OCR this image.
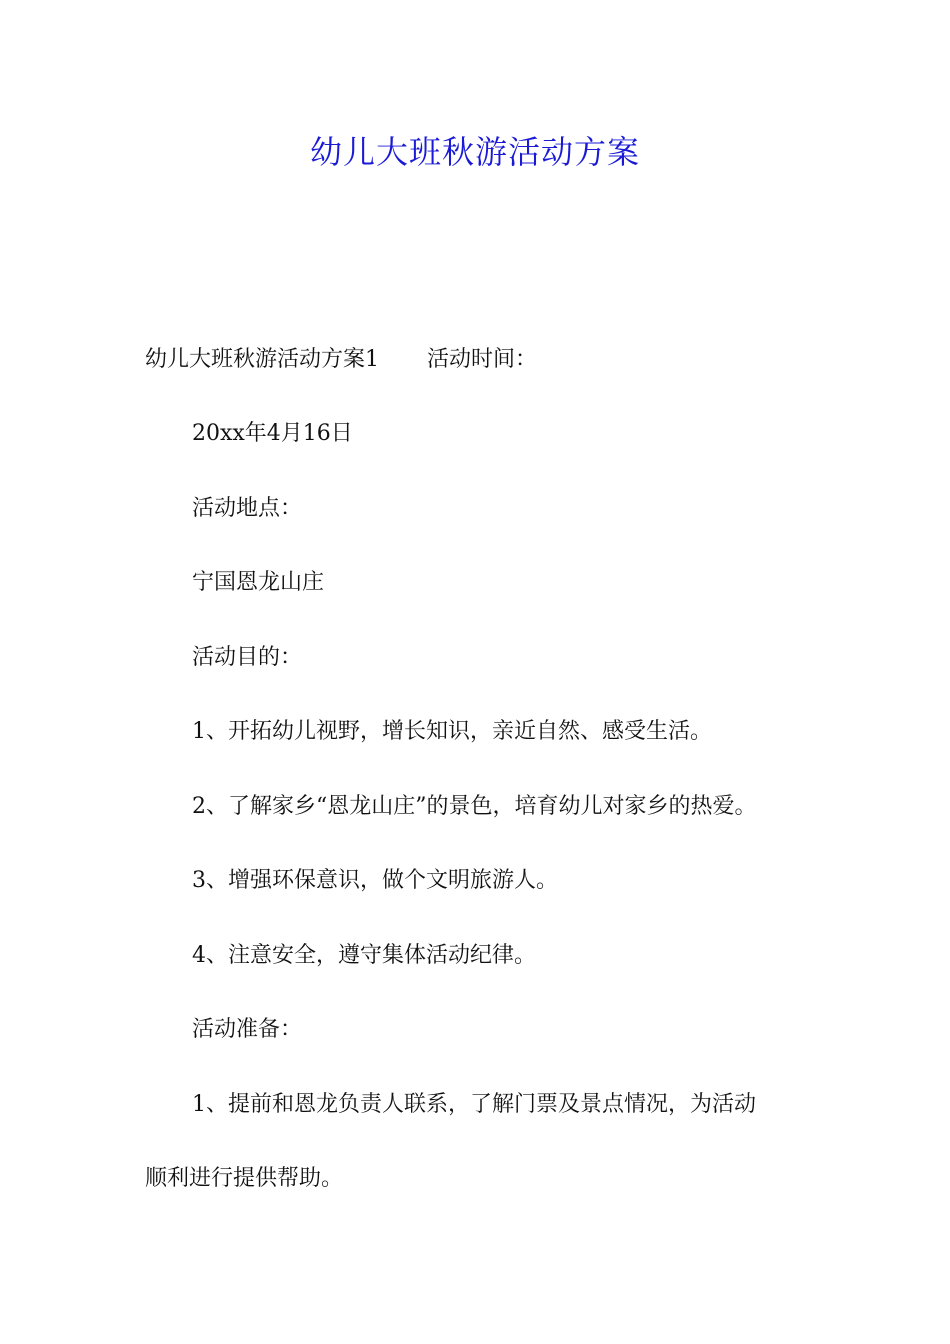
幼儿大班秋游活动方案

幼儿大班秋游活动方案1 活动时间：

20xx年4月16日

活动地点：

宁国恩龙山庄

活动目的：

1、开拓幼儿视野，增长知识，亲近自然、感受生活。

2、了解家乡“恩龙山庄”的景色，培育幼儿对家乡的热爱。

3、增强环保意识，做个文明旅游人。

4、注意安全，遵守集体活动纪律。

活动准备：

1、提前和恩龙负责人联系，了解门票及景点情况，为活动

顺利进行提供帮助。
